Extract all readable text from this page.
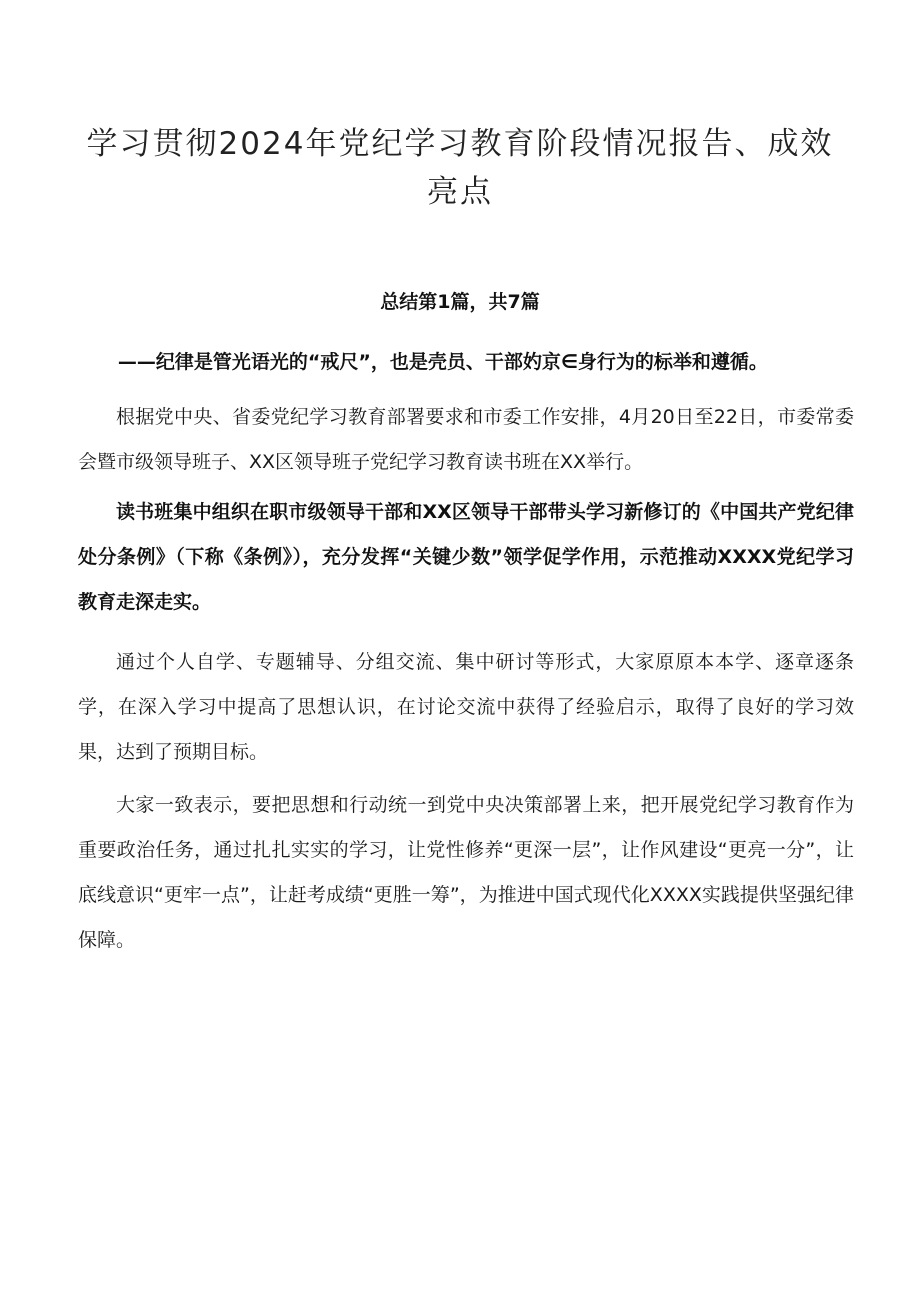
学习贯彻2024年党纪学习教育阶段情况报告、成效
亮点
总结第1篇，共7篇

——纪律是管光语光的“戒尺”，也是壳员、干部妁京∈身行为的标举和遵循。

根据党中央、省委党纪学习教育部署要求和市委工作安排，4月20日至22日，市委常委会暨市级领导班子、XX区领导班子党纪学习教育读书班在XX举行。

读书班集中组织在职市级领导干部和XX区领导干部带头学习新修订的《中国共产党纪律处分条例》（下称《条例》），充分发挥“关键少数”领学促学作用，示范推动XXXX党纪学习教育走深走实。

通过个人自学、专题辅导、分组交流、集中研讨等形式，大家原原本本学、逐章逐条学，在深入学习中提高了思想认识，在讨论交流中获得了经验启示，取得了良好的学习效果，达到了预期目标。

大家一致表示，要把思想和行动统一到党中央决策部署上来，把开展党纪学习教育作为重要政治任务，通过扎扎实实的学习，让党性修养“更深一层”，让作风建设“更亮一分”，让底线意识“更牢一点”，让赶考成绩“更胜一筹”，为推进中国式现代化XXXX实践提供坚强纪律保障。
